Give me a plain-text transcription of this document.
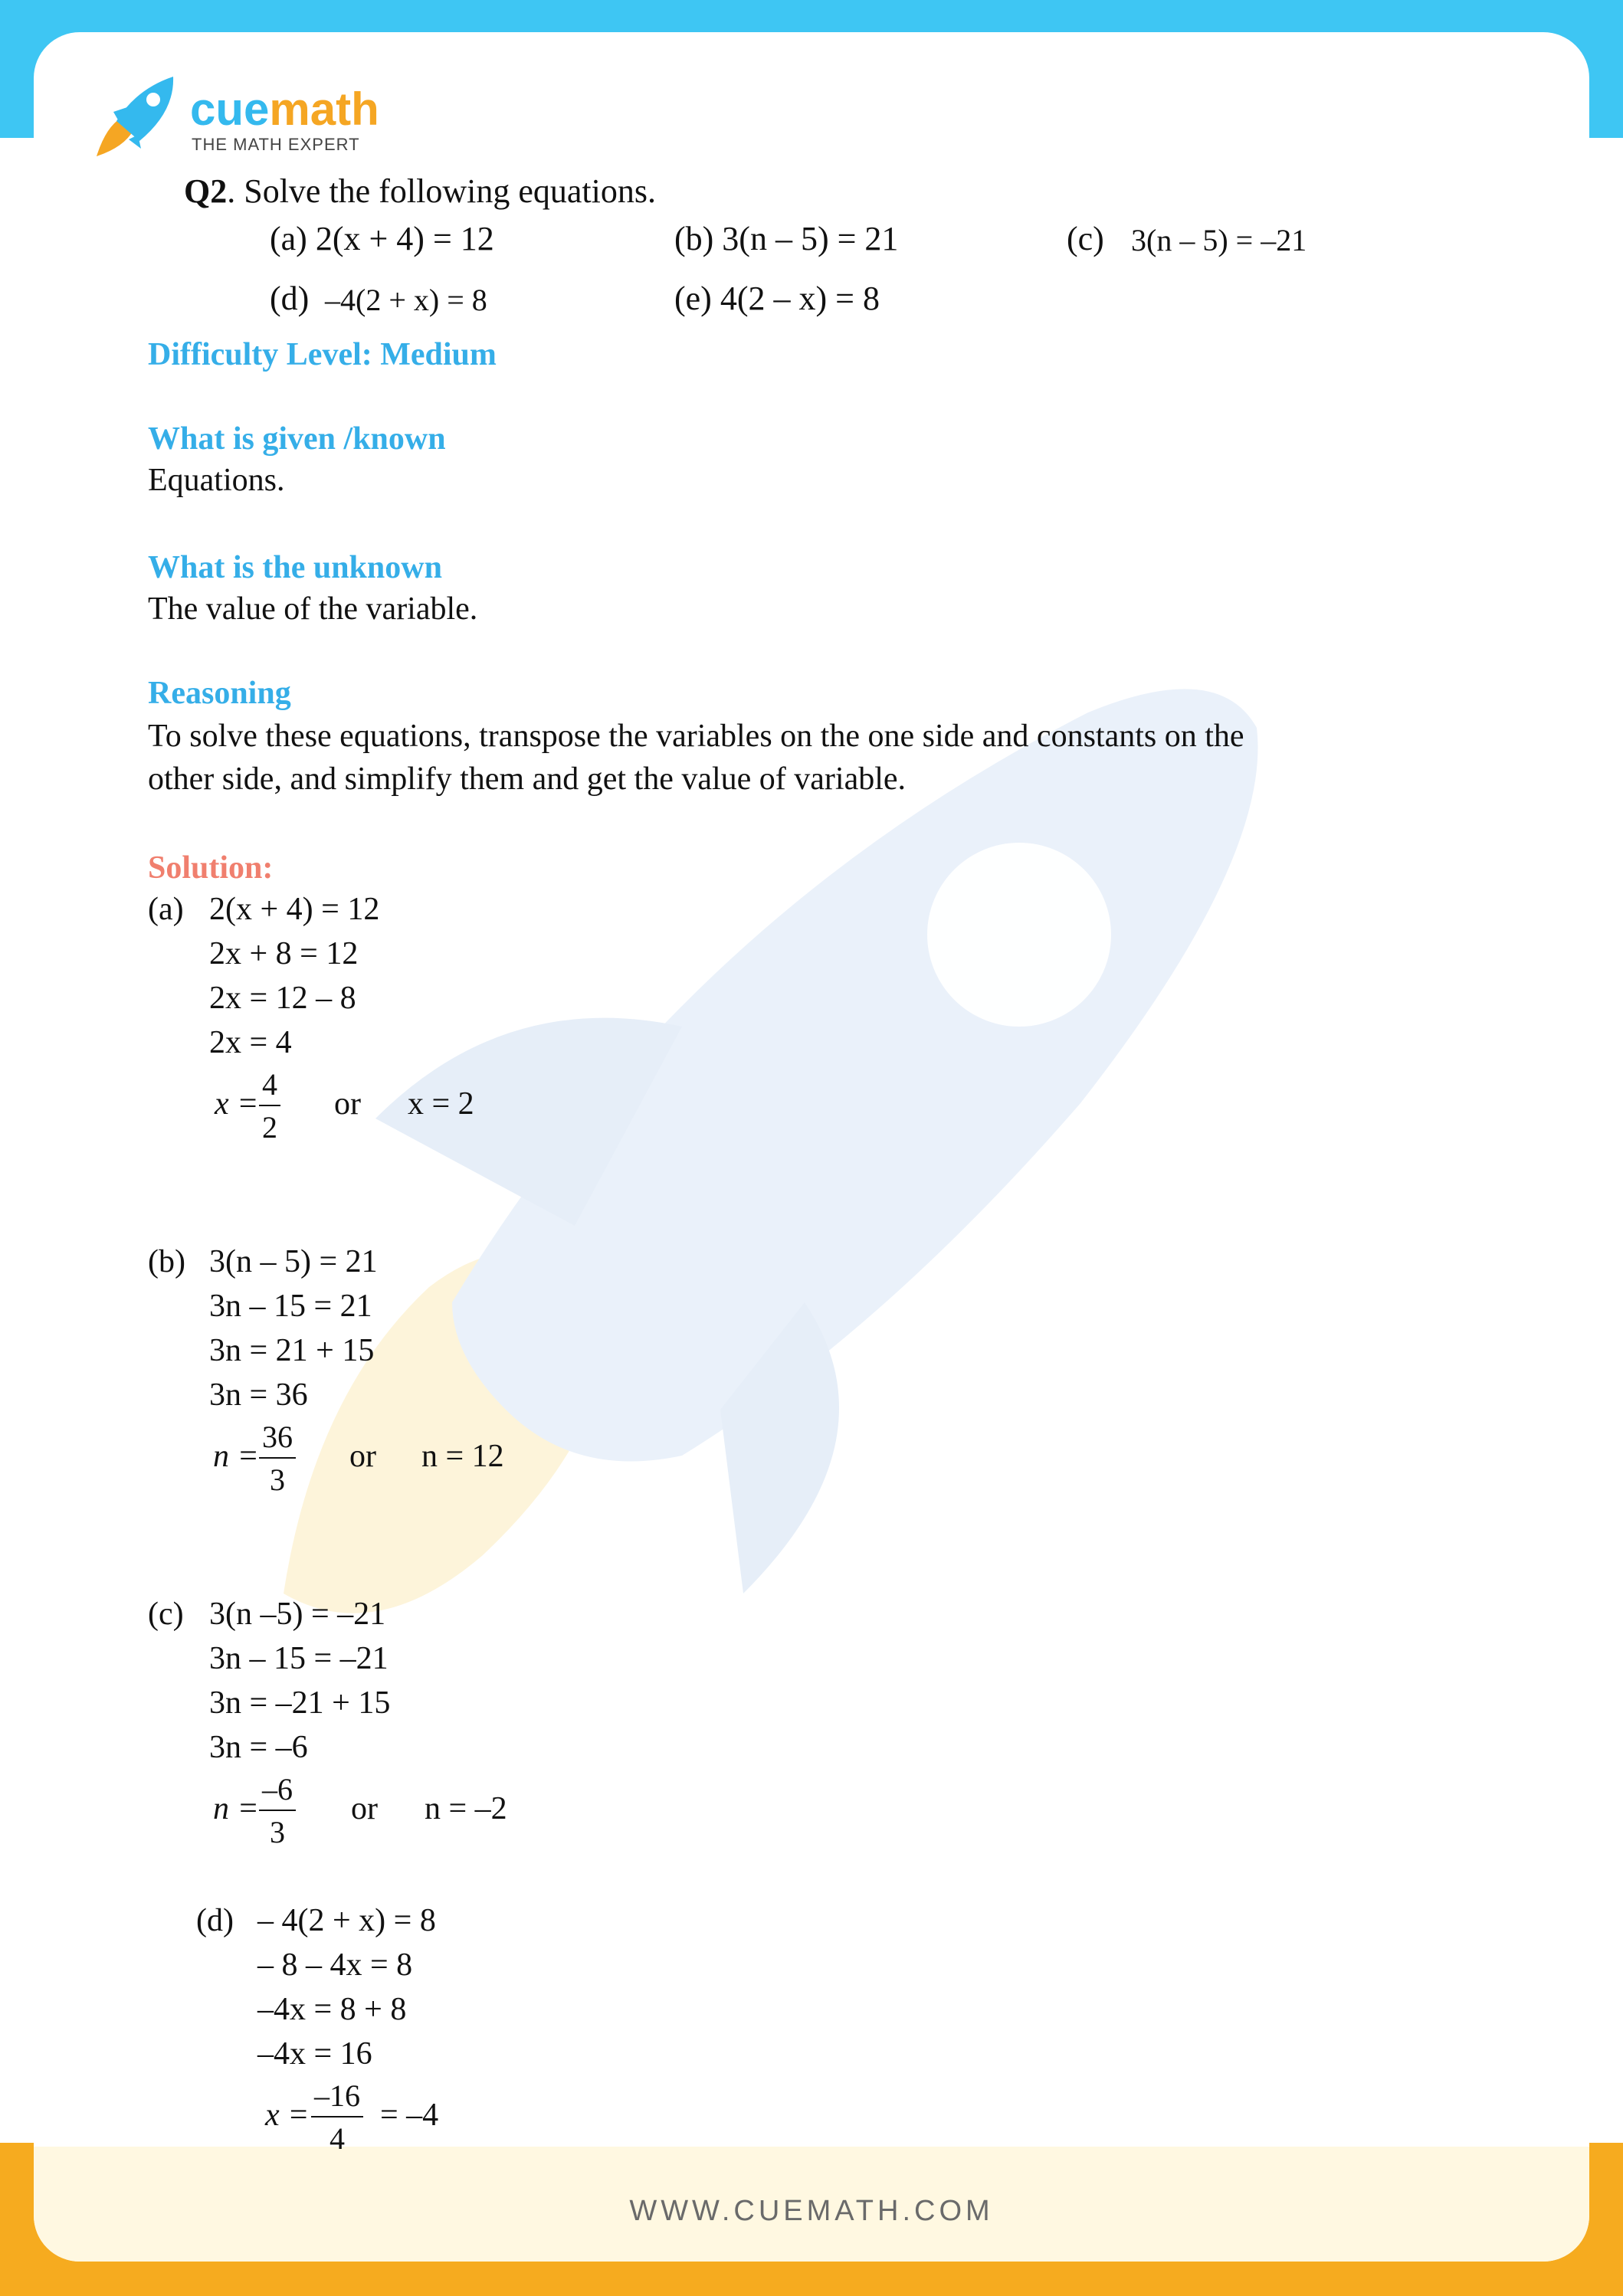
WWW.CUEMATH.COM
cuemath
THE MATH EXPERT
Q2. Solve the following equations.
(a) 2(x + 4) = 12	(b) 3(n – 5) = 21	(c) 3(n – 5) = –21
(d) –4(2 + x) = 8	(e) 4(2 – x) = 8
Difficulty Level: Medium
What is given /known
Equations.
What is the unknown
The value of the variable.
Reasoning
To solve these equations, transpose the variables on the one side and constants on the
other side, and simplify them and get the value of variable.
Solution:
(a) 2(x + 4) = 12
2x + 8 = 12
2x = 12 – 8
2x = 4
$x = \frac{4}{2}$ or x = 2
(b) 3(n – 5) = 21
3n – 15 = 21
3n = 21 + 15
3n = 36
$n = \frac{36}{3}$ or n = 12
(c) 3(n –5) = –21
3n – 15 = –21
3n = –21 + 15
3n = –6
$n = \frac{-6}{3}$ or n = –2
(d) – 4(2 + x) = 8
– 8 – 4x = 8
–4x = 8 + 8
–4x = 16
$x = \frac{-16}{4} = -4$
